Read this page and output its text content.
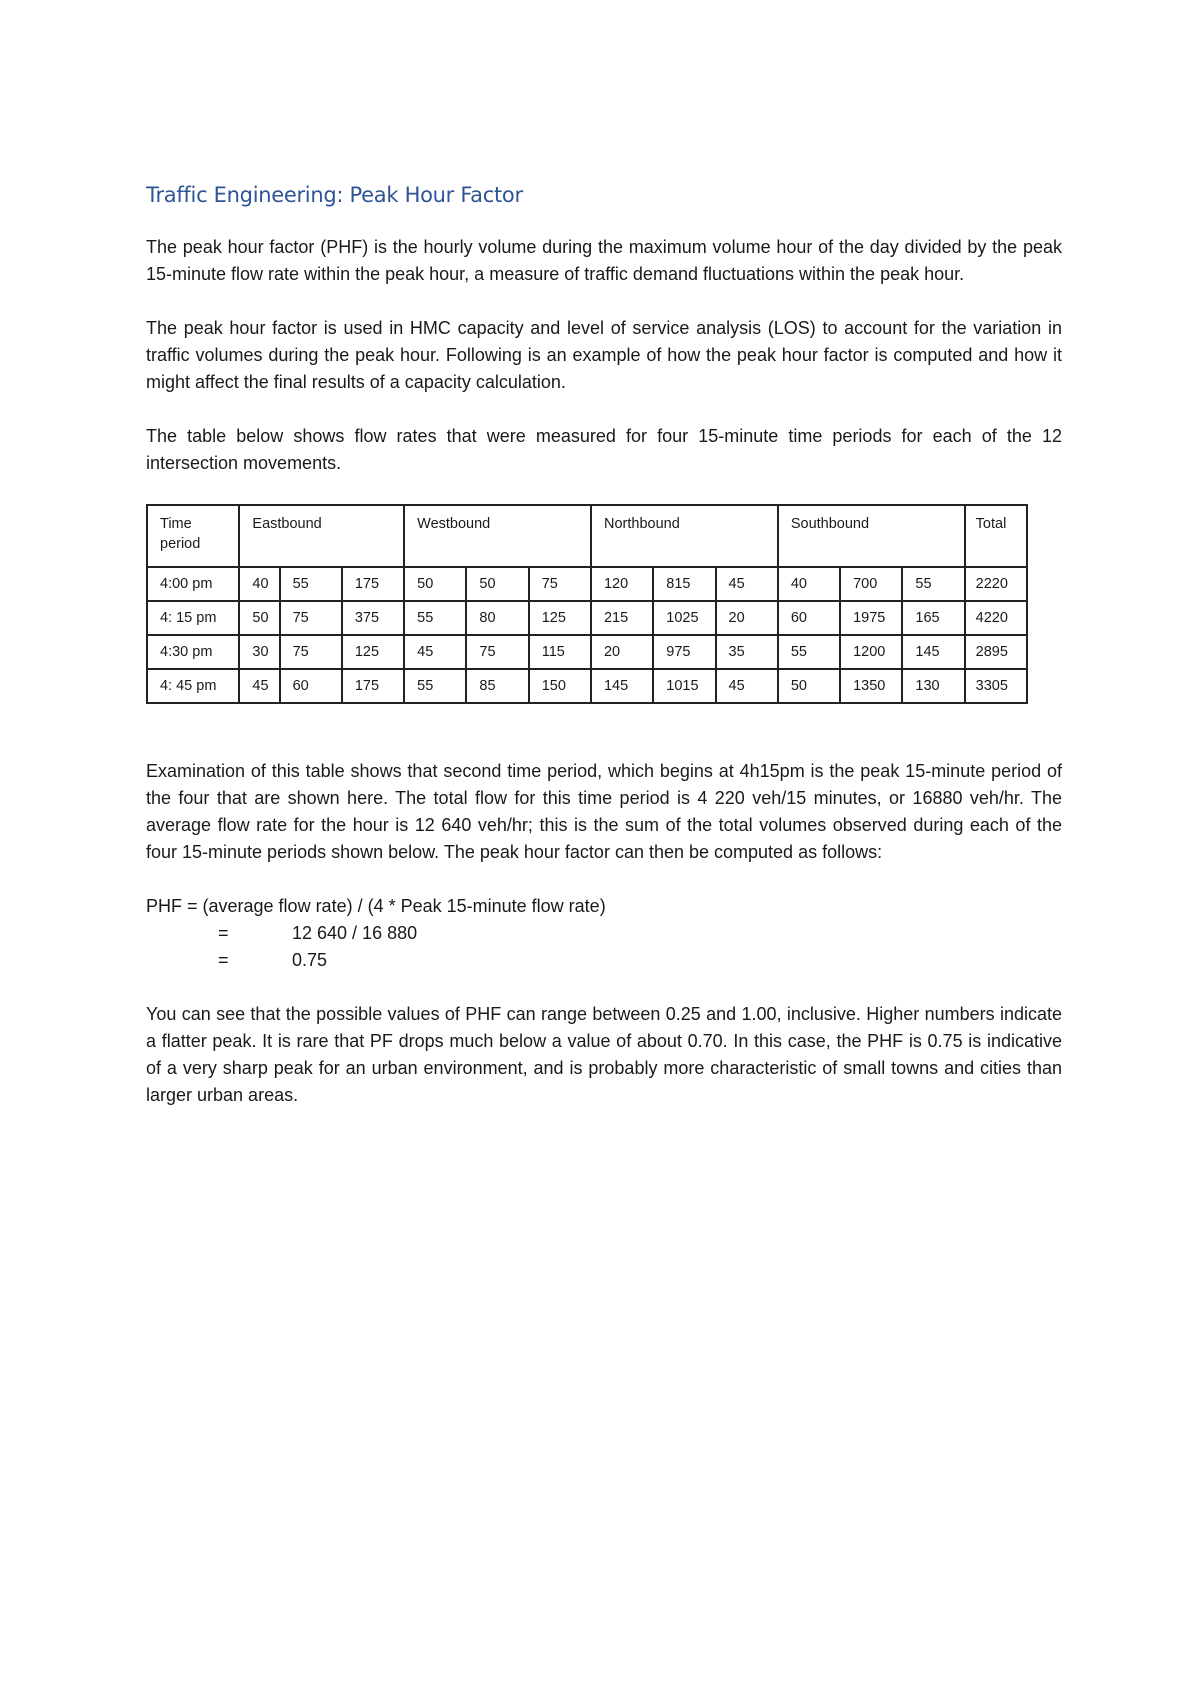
Traffic Engineering: Peak Hour Factor

The peak hour factor (PHF) is the hourly volume during the maximum volume hour of the day divided by the peak 15-minute flow rate within the peak hour, a measure of traffic demand fluctuations within the peak hour.

The peak hour factor is used in HMC capacity and level of service analysis (LOS) to account for the variation in traffic volumes during the peak hour. Following is an example of how the peak hour factor is computed and how it might affect the final results of a capacity calculation.

The table below shows flow rates that were measured for four 15-minute time periods for each of the 12 intersection movements.

Time period	Eastbound			Westbound			Northbound			Southbound			Total
4:00 pm	40	55	175	50	50	75	120	815	45	40	700	55	2220
4: 15 pm	50	75	375	55	80	125	215	1025	20	60	1975	165	4220
4:30 pm	30	75	125	45	75	115	20	975	35	55	1200	145	2895
4: 45 pm	45	60	175	55	85	150	145	1015	45	50	1350	130	3305

Examination of this table shows that second time period, which begins at 4h15pm is the peak 15-minute period of the four that are shown here. The total flow for this time period is 4 220 veh/15 minutes, or 16880 veh/hr. The average flow rate for the hour is 12 640 veh/hr; this is the sum of the total volumes observed during each of the four 15-minute periods shown below. The peak hour factor can then be computed as follows:

PHF = (average flow rate) / (4 * Peak 15-minute flow rate)

=	12 640 / 16 880

=	0.75

You can see that the possible values of PHF can range between 0.25 and 1.00, inclusive. Higher numbers indicate a flatter peak. It is rare that PF drops much below a value of about 0.70. In this case, the PHF is 0.75 is indicative of a very sharp peak for an urban environment, and is probably more characteristic of small towns and cities than larger urban areas.
